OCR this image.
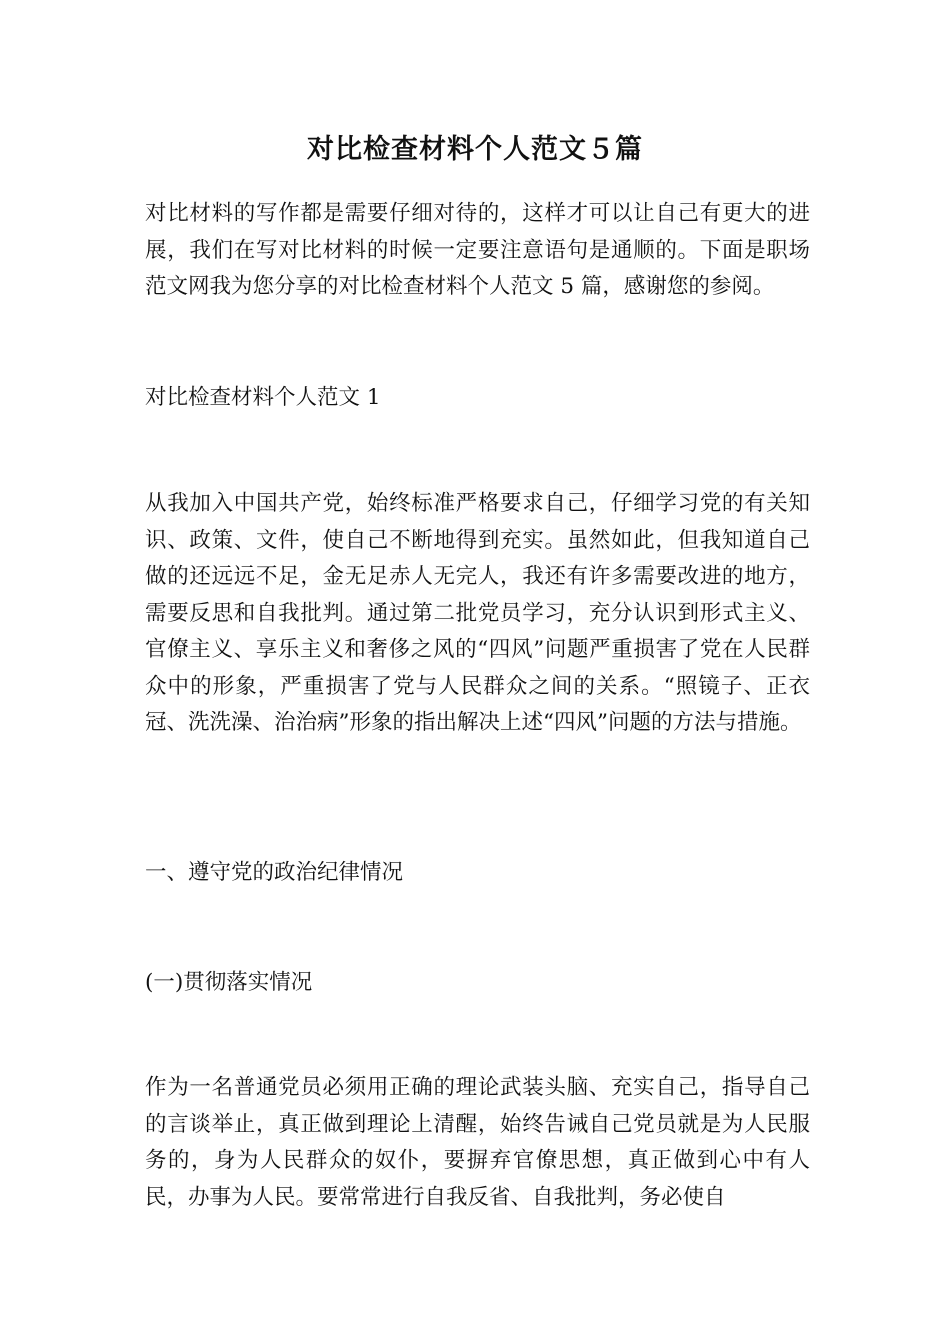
对比检查材料个人范文５篇

对比材料的写作都是需要仔细对待的，这样才可以让自己有更大的进展，我们在写对比材料的时候一定要注意语句是通顺的。下面是职场范文网我为您分享的对比检查材料个人范文 5 篇，感谢您的参阅。

对比检查材料个人范文 1

从我加入中国共产党，始终标准严格要求自己，仔细学习党的有关知识、政策、文件，使自己不断地得到充实。虽然如此，但我知道自己做的还远远不足，金无足赤人无完人，我还有许多需要改进的地方，需要反思和自我批判。通过第二批党员学习，充分认识到形式主义、官僚主义、享乐主义和奢侈之风的“四风”问题严重损害了党在人民群众中的形象，严重损害了党与人民群众之间的关系。“照镜子、正衣冠、洗洗澡、治治病”形象的指出解决上述“四风”问题的方法与措施。

一、遵守党的政治纪律情况

(一)贯彻落实情况

作为一名普通党员必须用正确的理论武装头脑、充实自己，指导自己的言谈举止，真正做到理论上清醒，始终告诫自己党员就是为人民服务的，身为人民群众的奴仆，要摒弃官僚思想，真正做到心中有人民，办事为人民。要常常进行自我反省、自我批判，务必使自
